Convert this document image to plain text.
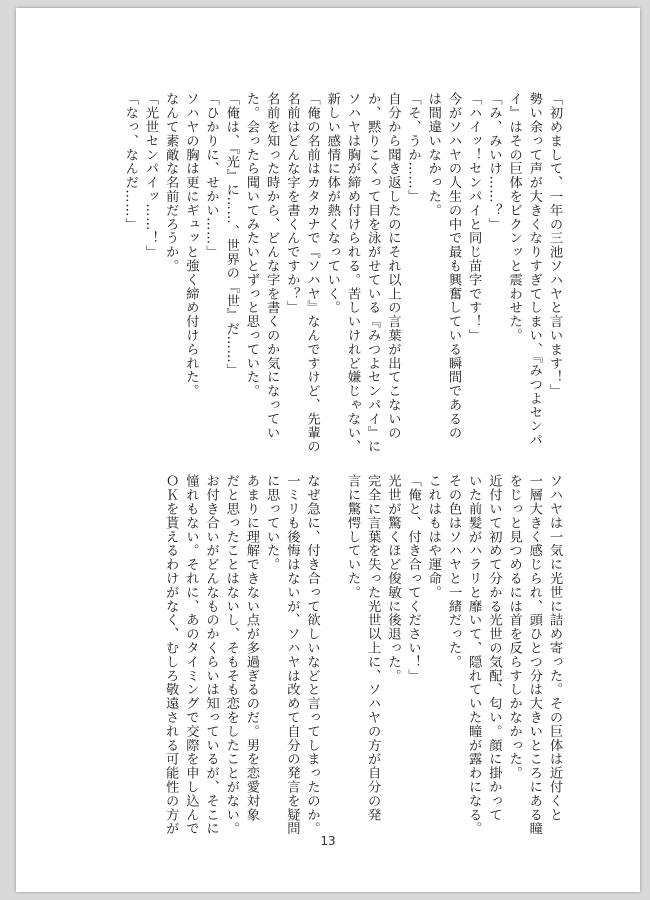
「初めまして、一年の三池ソハヤと言います！」
勢い余って声が大きくなりすぎてしまい、『みつよセンパ
イ』はその巨体をビクンッと震わせた。
「み、みいけ……？」
「ハイッ！センパイと同じ苗字です！」
今がソハヤの人生の中で最も興奮している瞬間であるの
は間違いなかった。
「そ、うか……」
自分から聞き返したのにそれ以上の言葉が出てこないの
か、黙りこくって目を泳がせている『みつよセンパイ』に
ソハヤは胸が締め付けられる。苦しいけれど嫌じゃない、
新しい感情に体が熱くなっていく。
「俺の名前はカタカナで『ソハヤ』なんですけど、先輩の
名前はどんな字を書くんですか？」
名前を知った時から、どんな字を書くのか気になってい
た。会ったら聞いてみたいとずっと思っていた。
「俺は、『光』に……、世界の『世』だ……」
「ひかりに、せかい……」
ソハヤの胸は更にギュッと強く締め付けられた。
なんて素敵な名前だろうか。
「光世センパイッ……！」
「なっ、なんだ……」
ソハヤは一気に光世に詰め寄った。その巨体は近付くと
一層大きく感じられ、頭ひとつ分は大きいところにある瞳
をじっと見つめるには首を反らすしかなかった。
近付いて初めて分かる光世の気配、匂い。顔に掛かって
いた前髪がハラリと靡いて、隠れていた瞳が露わになる。
その色はソハヤと一緒だった。
これはもはや運命。
「俺と、付き合ってください！」
光世が驚くほど俊敏に後退った。
完全に言葉を失った光世以上に、ソハヤの方が自分の発
言に驚愕していた。

なぜ急に、付き合って欲しいなどと言ってしまったのか。
一ミリも後悔はないが、ソハヤは改めて自分の発言を疑問
に思っていた。
あまりに理解できない点が多過ぎるのだ。男を恋愛対象
だと思ったことはないし、そもそも恋をしたことがない。
お付き合いがどんなものかくらいは知っているが、そこに
憧れもない。それに、あのタイミングで交際を申し込んで
ＯＫを貰えるわけがなく、むしろ敬遠される可能性の方が
13
